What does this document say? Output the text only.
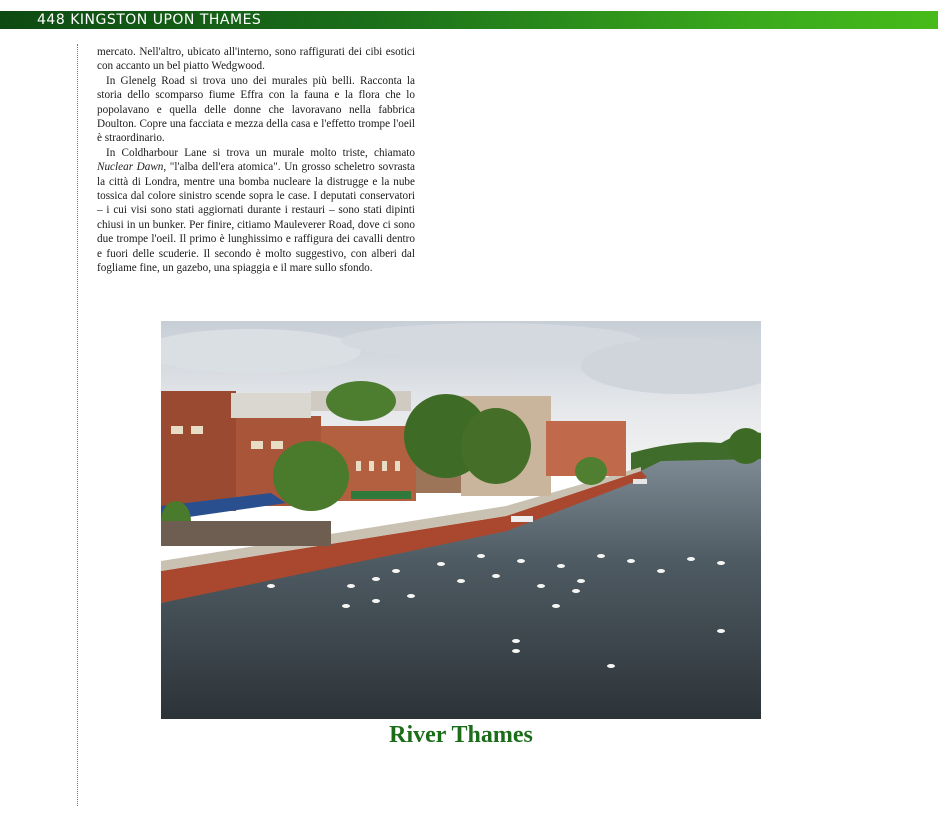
448 KINGSTON UPON THAMES

mercato. Nell'altro, ubicato all'interno, sono raffigurati dei cibi esotici con accanto un bel piatto Wedgwood.

In Glenelg Road si trova uno dei murales più belli. Racconta la storia dello scomparso fiume Effra con la fauna e la flora che lo popolavano e quella delle donne che lavoravano nella fabbrica Doulton. Copre una facciata e mezza della casa e l'effetto trompe l'oeil è straordinario.

In Coldharbour Lane si trova un murale molto triste, chiamato Nuclear Dawn, "l'alba dell'era atomica". Un grosso scheletro sovrasta la città di Londra, mentre una bomba nucleare la distrugge e la nube tossica dal colore sinistro scende sopra le case. I deputati conservatori – i cui visi sono stati aggiornati durante i restauri – sono stati dipinti chiusi in un bunker. Per finire, citiamo Mauleverer Road, dove ci sono due trompe l'oeil. Il primo è lunghissimo e raffigura dei cavalli dentro e fuori delle scuderie. Il secondo è molto suggestivo, con alberi dal fogliame fine, un gazebo, una spiaggia e il mare sullo sfondo.

River Thames
